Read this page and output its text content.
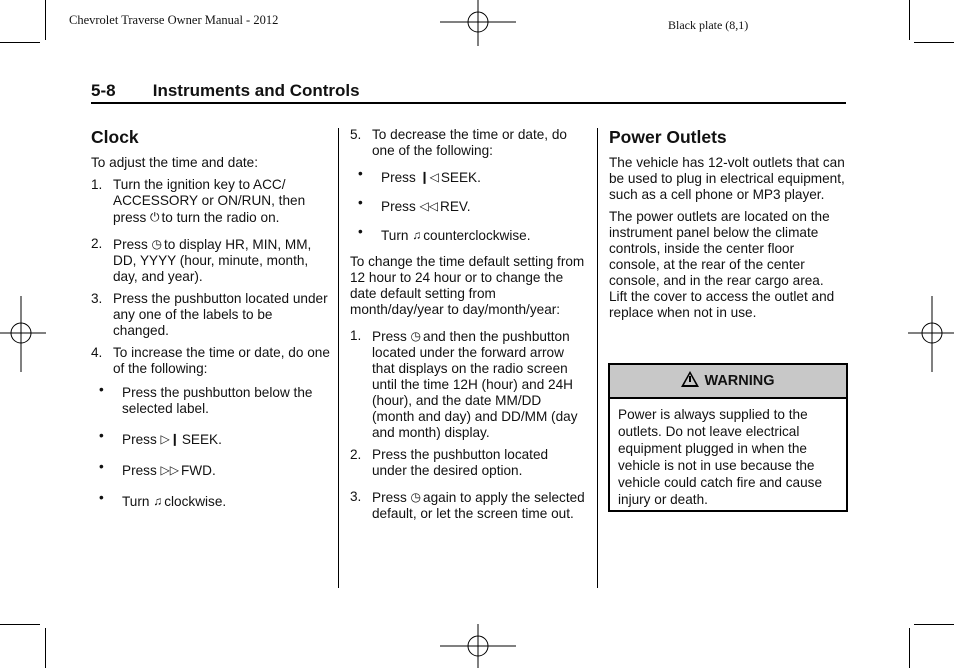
Chevrolet Traverse Owner Manual - 2012	Black plate (8,1)
5-8 Instruments and Controls
Clock
To adjust the time and date:
1. Turn the ignition key to ACC/ ACCESSORY or ON/RUN, then
press ⏻ to turn the radio on.
2. Press ◷ to display HR, MIN, MM, DD, YYYY (hour, minute, month, day, and year).
3. Press the pushbutton located under any one of the labels to be changed.
4. To increase the time or date, do one of the following:
• Press the pushbutton below the selected label.
• Press ▷❙ SEEK.
• Press ▷▷ FWD.
• Turn ♫ clockwise.
5. To decrease the time or date, do one of the following:
• Press ❙◁ SEEK.
• Press ◁◁ REV.
• Turn ♫ counterclockwise.
To change the time default setting from 12 hour to 24 hour or to change the date default setting from month/day/year to day/month/year:
1. Press ◷ and then the pushbutton located under the forward arrow that displays on the radio screen until the time 12H (hour) and 24H (hour), and the date MM/DD (month and day) and DD/MM (day and month) display.
2. Press the pushbutton located under the desired option.
3. Press ◷ again to apply the selected default, or let the screen time out.
Power Outlets
The vehicle has 12-volt outlets that can be used to plug in electrical equipment, such as a cell phone or MP3 player.
The power outlets are located on the instrument panel below the climate controls, inside the center floor console, at the rear of the center console, and in the rear cargo area. Lift the cover to access the outlet and replace when not in use.
WARNING
Power is always supplied to the outlets. Do not leave electrical equipment plugged in when the vehicle is not in use because the vehicle could catch fire and cause injury or death.
